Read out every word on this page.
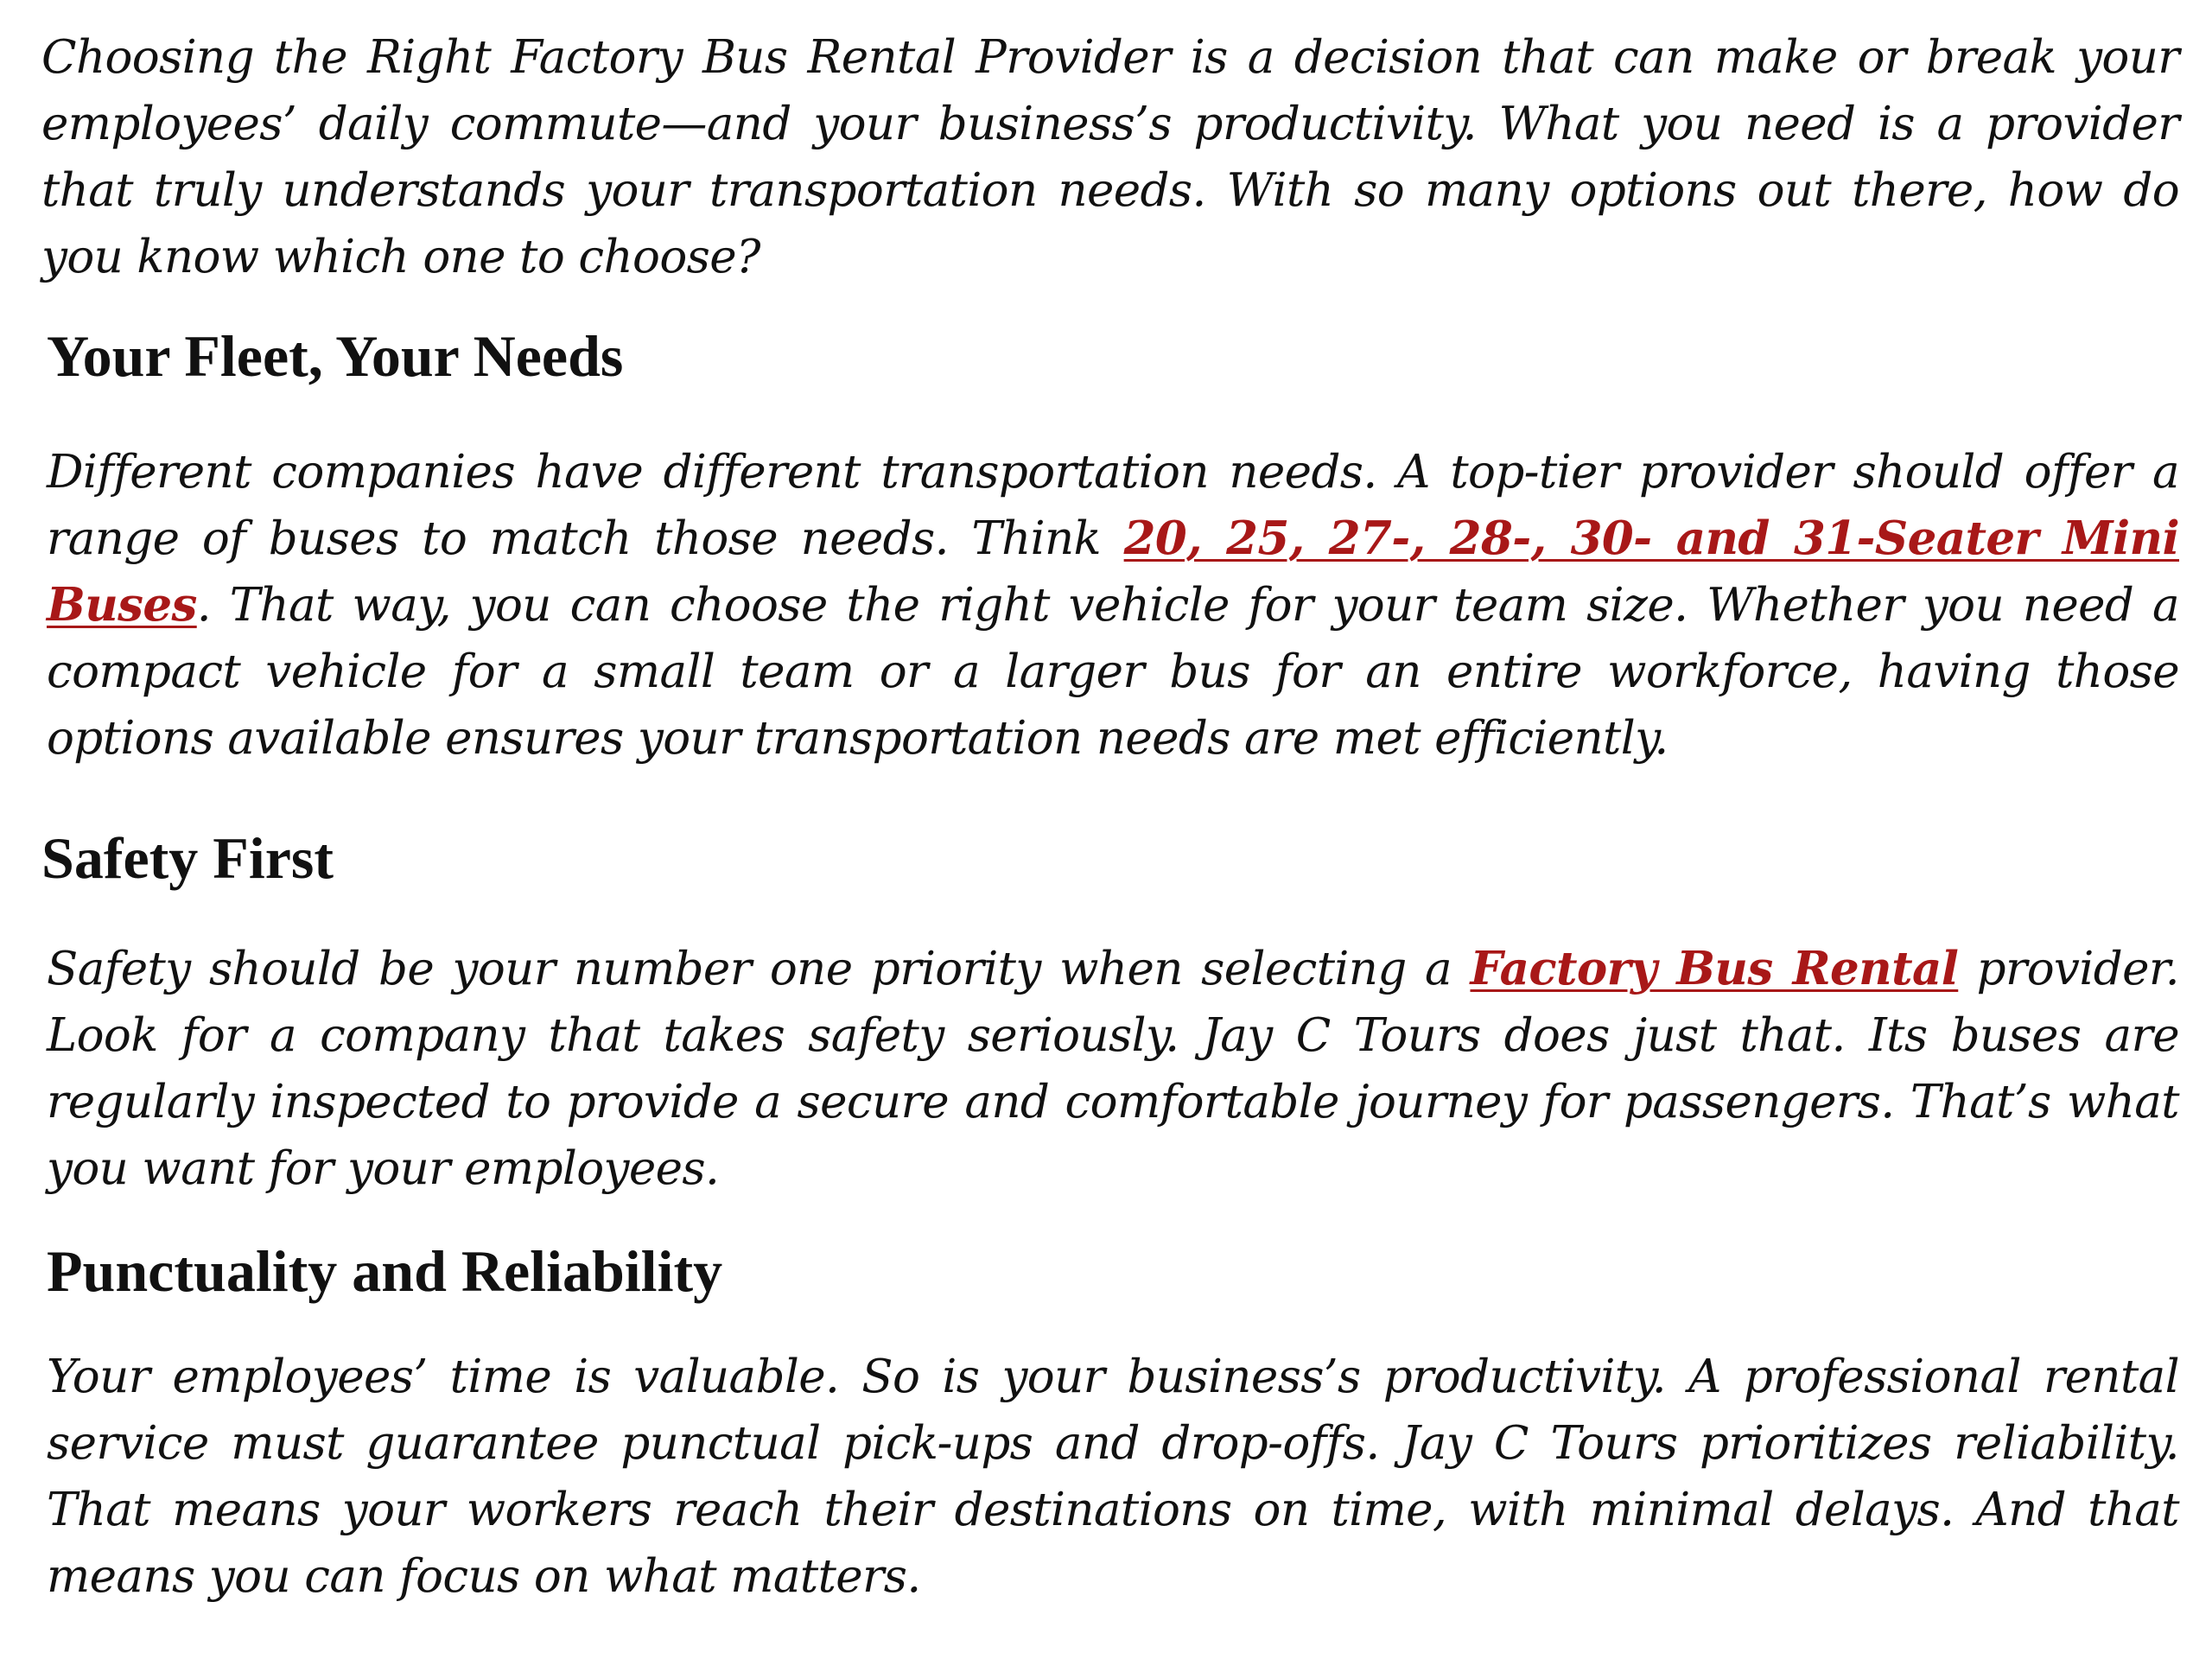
Choosing the Right Factory Bus Rental Provider is a decision that can make or break your employees’ daily commute—and your business’s productivity. What you need is a provider that truly understands your transportation needs. With so many options out there, how do you know which one to choose?

Your Fleet, Your Needs

Different companies have different transportation needs. A top-tier provider should offer a range of buses to match those needs. Think 20, 25, 27-, 28-, 30- and 31-Seater Mini Buses. That way, you can choose the right vehicle for your team size. Whether you need a compact vehicle for a small team or a larger bus for an entire workforce, having those options available ensures your transportation needs are met efficiently.

Safety First

Safety should be your number one priority when selecting a Factory Bus Rental provider. Look for a company that takes safety seriously. Jay C Tours does just that. Its buses are regularly inspected to provide a secure and comfortable journey for passengers. That’s what you want for your employees.

Punctuality and Reliability

Your employees’ time is valuable. So is your business’s productivity. A professional rental service must guarantee punctual pick-ups and drop-offs. Jay C Tours prioritizes reliability. That means your workers reach their destinations on time, with minimal delays. And that means you can focus on what matters.
